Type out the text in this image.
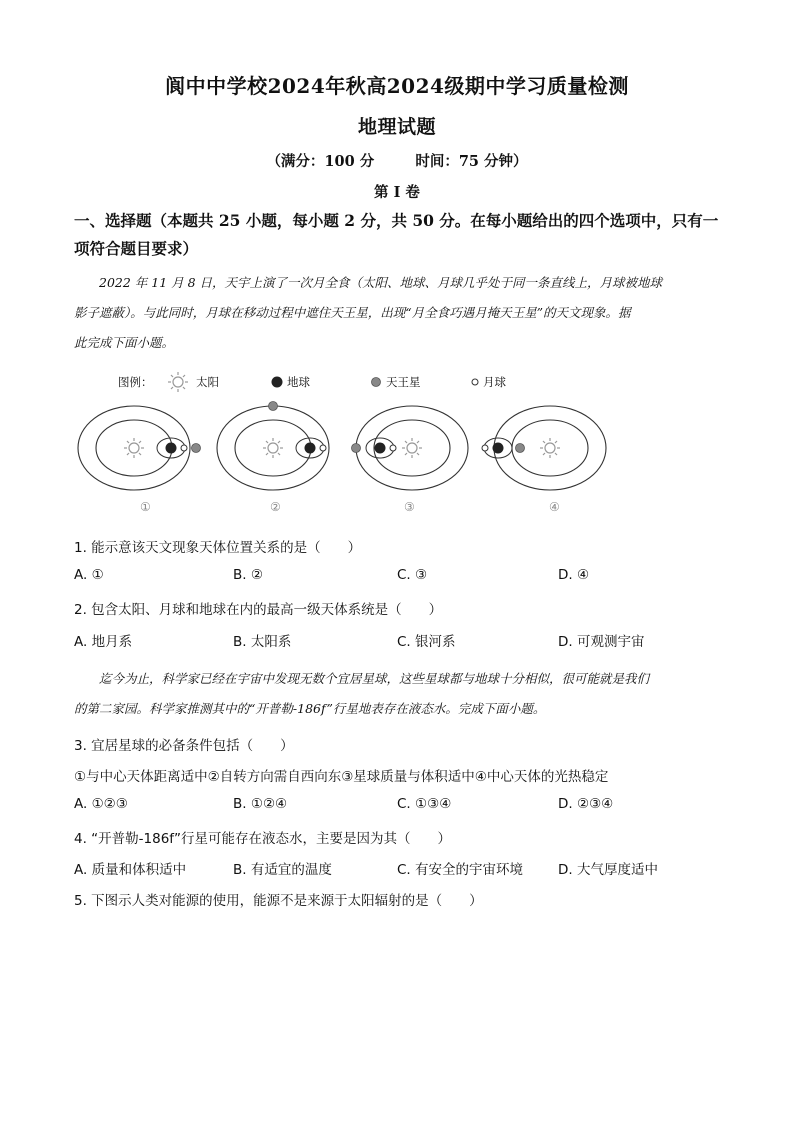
阆中中学校2024年秋高2024级期中学习质量检测
地理试题
（满分：100 分	时间：75 分钟）
第 I 卷
一、选择题（本题共 25 小题，每小题 2 分，共 50 分。在每小题给出的四个选项中，只有一
项符合题目要求）
2022 年 11 月 8 日，天宇上演了一次月全食（太阳、地球、月球几乎处于同一条直线上，月球被地球
影子遮蔽）。与此同时，月球在移动过程中遮住天王星，出现“月全食巧遇月掩天王星”的天文现象。据
此完成下面小题。
图例：	太阳	地球	天王星	月球
①	②	③	④
1. 能示意该天文现象天体位置关系的是（　　）
A. ①	B. ②	C. ③	D. ④
2. 包含太阳、月球和地球在内的最高一级天体系统是（　　）
A. 地月系	B. 太阳系	C. 银河系	D. 可观测宇宙
迄今为止，科学家已经在宇宙中发现无数个宜居星球，这些星球都与地球十分相似，很可能就是我们
的第二家园。科学家推测其中的“开普勒-186f”行星地表存在液态水。完成下面小题。
3. 宜居星球的必备条件包括（　　）
①与中心天体距离适中②自转方向需自西向东③星球质量与体积适中④中心天体的光热稳定
A. ①②③	B. ①②④	C. ①③④	D. ②③④
4. “开普勒-186f”行星可能存在液态水，主要是因为其（　　）
A. 质量和体积适中	B. 有适宜的温度	C. 有安全的宇宙环境	D. 大气厚度适中
5. 下图示人类对能源的使用，能源不是来源于太阳辐射的是（　　）
